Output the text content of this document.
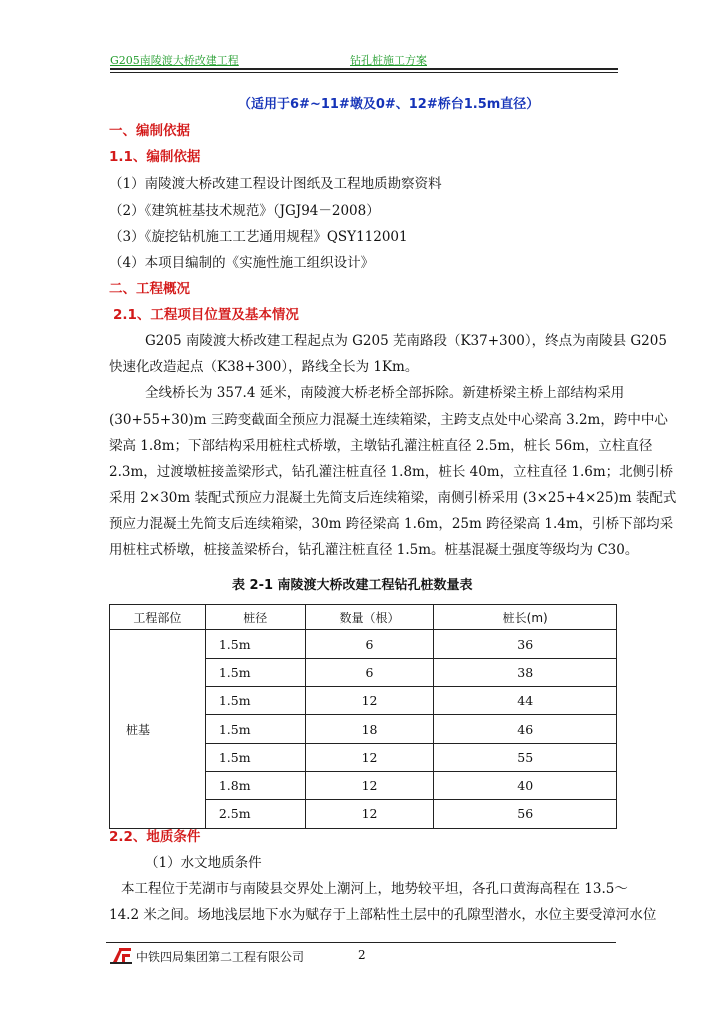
G205南陵渡大桥改建工程	钻孔桩施工方案
（适用于6#~11#墩及0#、12#桥台1.5m直径）
一、编制依据
1.1、编制依据
（1）南陵渡大桥改建工程设计图纸及工程地质勘察资料
（2）《建筑桩基技术规范》（JGJ94－2008）
（3）《旋挖钻机施工工艺通用规程》QSY112001
（4）本项目编制的《实施性施工组织设计》
二、工程概况
2.1、工程项目位置及基本情况
G205 南陵渡大桥改建工程起点为 G205 芜南路段（K37+300），终点为南陵县 G205
快速化改造起点（K38+300），路线全长为 1Km。
全线桥长为 357.4 延米，南陵渡大桥老桥全部拆除。新建桥梁主桥上部结构采用
(30+55+30)m 三跨变截面全预应力混凝土连续箱梁，主跨支点处中心梁高 3.2m，跨中中心
梁高 1.8m；下部结构采用桩柱式桥墩，主墩钻孔灌注桩直径 2.5m，桩长 56m，立柱直径
2.3m，过渡墩桩接盖梁形式，钻孔灌注桩直径 1.8m，桩长 40m，立柱直径 1.6m；北侧引桥
采用 2×30m 装配式预应力混凝土先简支后连续箱梁，南侧引桥采用 (3×25+4×25)m 装配式
预应力混凝土先简支后连续箱梁，30m 跨径梁高 1.6m，25m 跨径梁高 1.4m，引桥下部均采
用桩柱式桥墩，桩接盖梁桥台，钻孔灌注桩直径 1.5m。桩基混凝土强度等级均为 C30。
表 2-1 南陵渡大桥改建工程钻孔桩数量表
工程部位	桩径	数量（根）	桩长(m)
桩基	1.5m	6	36
	1.5m	6	38
	1.5m	12	44
	1.5m	18	46
	1.5m	12	55
	1.8m	12	40
	2.5m	12	56
2.2、地质条件
（1）水文地质条件
本工程位于芜湖市与南陵县交界处上潮河上，地势较平坦，各孔口黄海高程在 13.5～
14.2 米之间。场地浅层地下水为赋存于上部粘性土层中的孔隙型潜水，水位主要受漳河水位
中铁四局集团第二工程有限公司	2
